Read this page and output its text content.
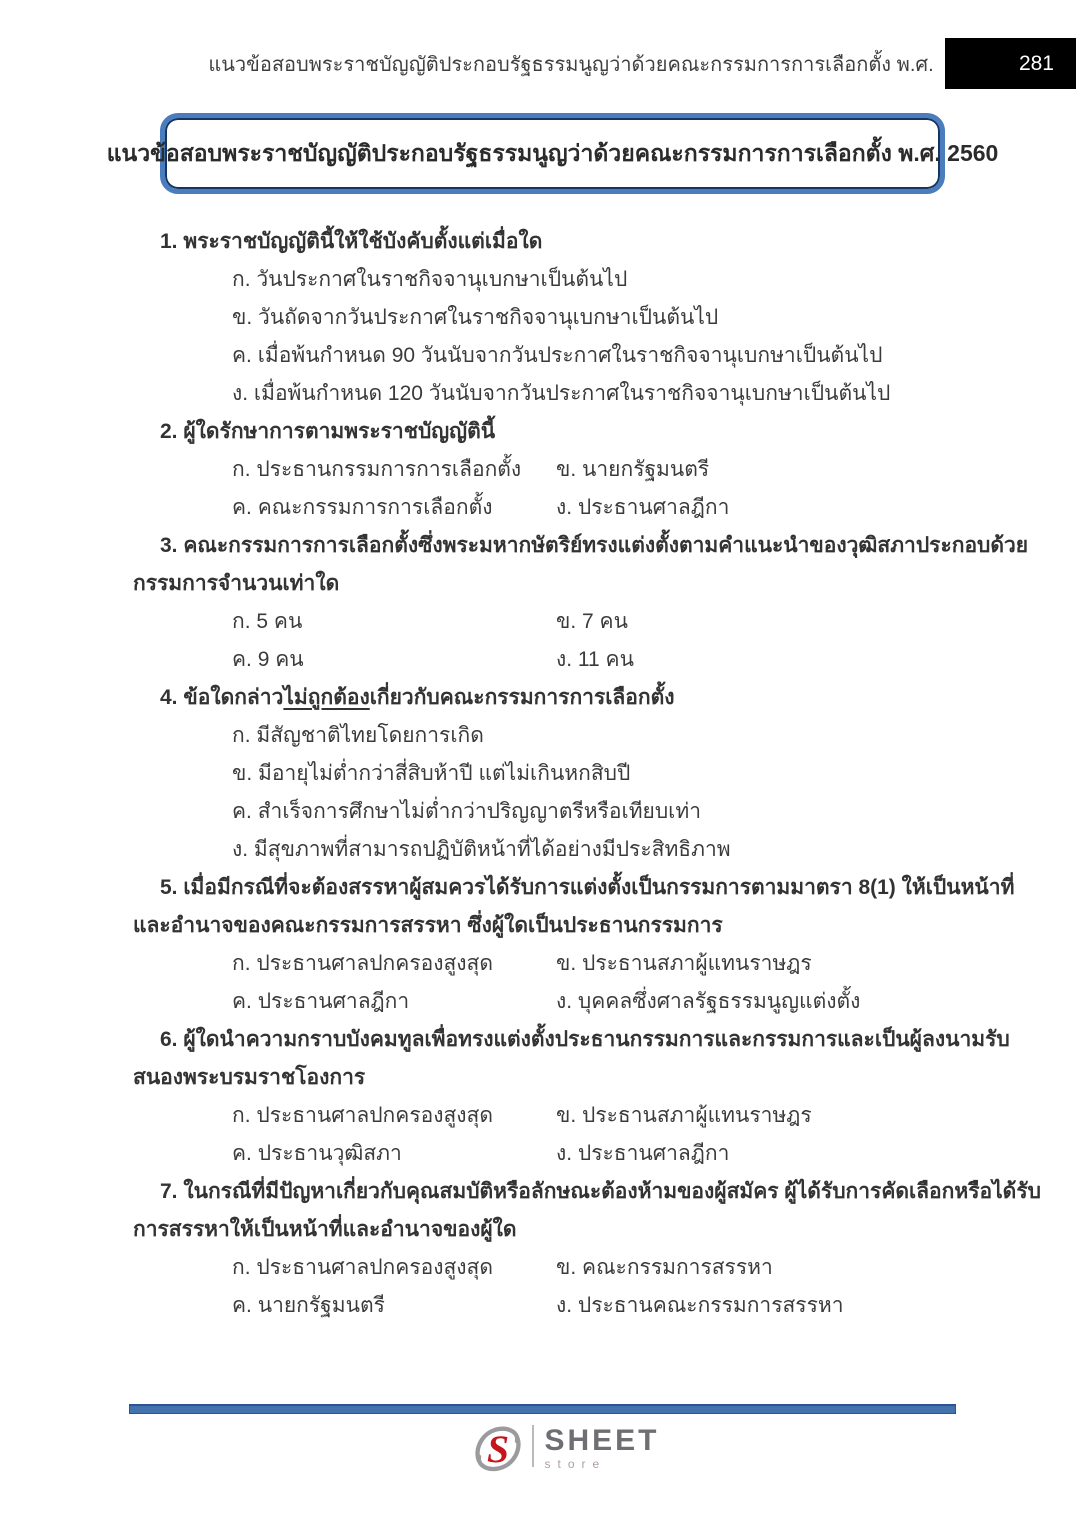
แนวข้อสอบพระราชบัญญัติประกอบรัฐธรรมนูญว่าด้วยคณะกรรมการการเลือกตั้ง พ.ศ.	281
แนวข้อสอบพระราชบัญญัติประกอบรัฐธรรมนูญว่าด้วยคณะกรรมการการเลือกตั้ง พ.ศ. 2560
1. พระราชบัญญัตินี้ให้ใช้บังคับตั้งแต่เมื่อใด
ก. วันประกาศในราชกิจจานุเบกษาเป็นต้นไป
ข. วันถัดจากวันประกาศในราชกิจจานุเบกษาเป็นต้นไป
ค. เมื่อพ้นกำหนด 90 วันนับจากวันประกาศในราชกิจจานุเบกษาเป็นต้นไป
ง. เมื่อพ้นกำหนด 120 วันนับจากวันประกาศในราชกิจจานุเบกษาเป็นต้นไป
2. ผู้ใดรักษาการตามพระราชบัญญัตินี้
ก. ประธานกรรมการการเลือกตั้ง	ข. นายกรัฐมนตรี
ค. คณะกรรมการการเลือกตั้ง	ง. ประธานศาลฎีกา
3. คณะกรรมการการเลือกตั้งซึ่งพระมหากษัตริย์ทรงแต่งตั้งตามคำแนะนำของวุฒิสภาประกอบด้วย
กรรมการจำนวนเท่าใด
ก. 5 คน	ข. 7 คน
ค. 9 คน	ง. 11 คน
4. ข้อใดกล่าวไม่ถูกต้องเกี่ยวกับคณะกรรมการการเลือกตั้ง
ก. มีสัญชาติไทยโดยการเกิด
ข. มีอายุไม่ต่ำกว่าสี่สิบห้าปี แต่ไม่เกินหกสิบปี
ค. สำเร็จการศึกษาไม่ต่ำกว่าปริญญาตรีหรือเทียบเท่า
ง. มีสุขภาพที่สามารถปฏิบัติหน้าที่ได้อย่างมีประสิทธิภาพ
5. เมื่อมีกรณีที่จะต้องสรรหาผู้สมควรได้รับการแต่งตั้งเป็นกรรมการตามมาตรา 8(1) ให้เป็นหน้าที่
และอำนาจของคณะกรรมการสรรหา ซึ่งผู้ใดเป็นประธานกรรมการ
ก. ประธานศาลปกครองสูงสุด	ข. ประธานสภาผู้แทนราษฎร
ค. ประธานศาลฎีกา	ง. บุคคลซึ่งศาลรัฐธรรมนูญแต่งตั้ง
6. ผู้ใดนำความกราบบังคมทูลเพื่อทรงแต่งตั้งประธานกรรมการและกรรมการและเป็นผู้ลงนามรับ
สนองพระบรมราชโองการ
ก. ประธานศาลปกครองสูงสุด	ข. ประธานสภาผู้แทนราษฎร
ค. ประธานวุฒิสภา	ง. ประธานศาลฎีกา
7. ในกรณีที่มีปัญหาเกี่ยวกับคุณสมบัติหรือลักษณะต้องห้ามของผู้สมัคร ผู้ได้รับการคัดเลือกหรือได้รับ
การสรรหาให้เป็นหน้าที่และอำนาจของผู้ใด
ก. ประธานศาลปกครองสูงสุด	ข. คณะกรรมการสรรหา
ค. นายกรัฐมนตรี	ง. ประธานคณะกรรมการสรรหา
S SHEET
store
